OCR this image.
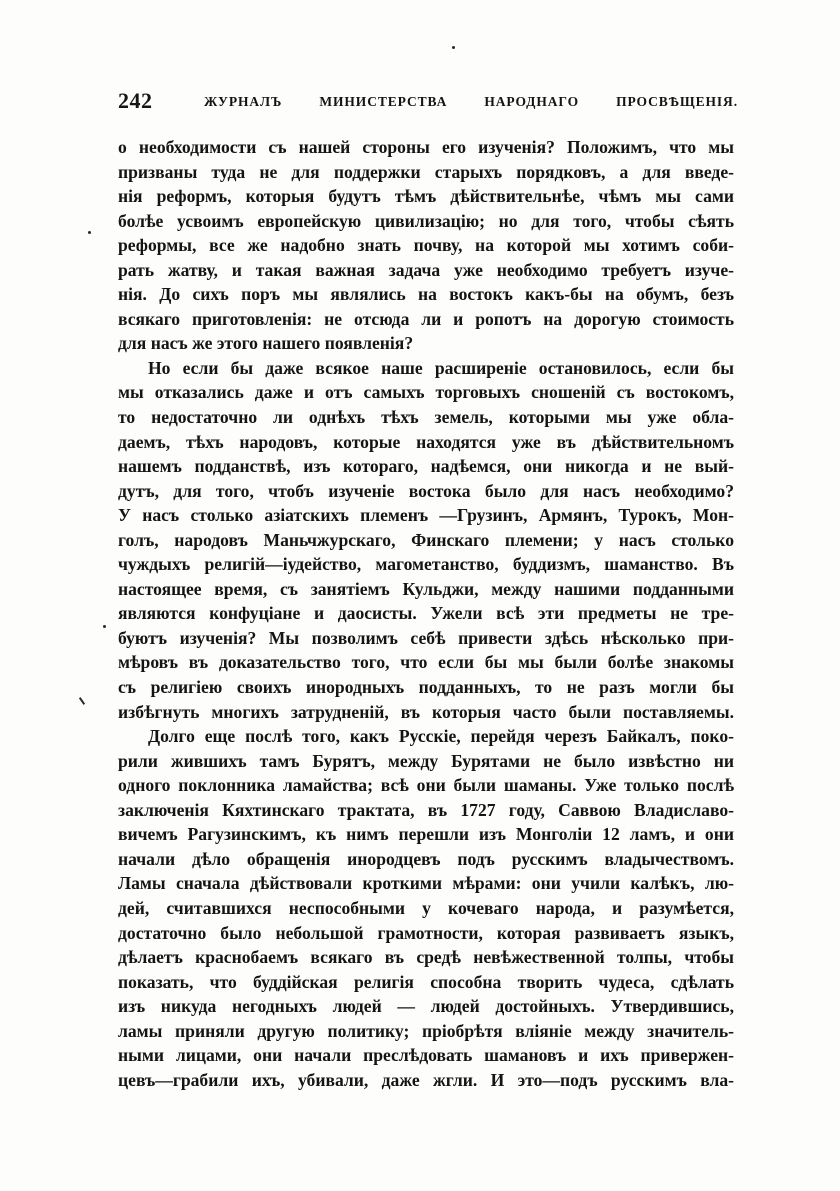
242	ЖУРНАЛЪ МИНИСТЕРСТВА НАРОДНАГО ПРОСВѢЩЕНІЯ.
о необходимости съ нашей стороны его изученія? Положимъ, что мы
призваны туда не для поддержки старыхъ порядковъ, а для введе-
нія реформъ, которыя будутъ тѣмъ дѣйствительнѣе, чѣмъ мы сами
болѣе усвоимъ европейскую цивилизацію; но для того, чтобы сѣять
реформы, все же надобно знать почву, на которой мы хотимъ соби-
рать жатву, и такая важная задача уже необходимо требуетъ изуче-
нія. До сихъ поръ мы являлись на востокъ какъ-бы на обумъ, безъ
всякаго приготовленія: не отсюда ли и ропотъ на дорогую стоимость
для насъ же этого нашего появленія?
Но если бы даже всякое наше расширеніе остановилось, если бы
мы отказались даже и отъ самыхъ торговыхъ сношеній съ востокомъ,
то недостаточно ли однѣхъ тѣхъ земель, которыми мы уже обла-
даемъ, тѣхъ народовъ, которые находятся уже въ дѣйствительномъ
нашемъ подданствѣ, изъ котораго, надѣемся, они никогда и не вый-
дутъ, для того, чтобъ изученіе востока было для насъ необходимо?
У насъ столько азіатскихъ племенъ —Грузинъ, Армянъ, Турокъ, Мон-
голъ, народовъ Маньчжурскаго, Финскаго племени; у насъ столько
чуждыхъ религій—іудейство, магометанство, буддизмъ, шаманство. Въ
настоящее время, съ занятіемъ Кульджи, между нашими подданными
являются конфуціане и даосисты. Ужели всѣ эти предметы не тре-
буютъ изученія? Мы позволимъ себѣ привести здѣсь нѣсколько при-
мѣровъ въ доказательство того, что если бы мы были болѣе знакомы
съ религіею своихъ инородныхъ подданныхъ, то не разъ могли бы
избѣгнуть многихъ затрудненій, въ которыя часто были поставляемы.
Долго еще послѣ того, какъ Русскіе, перейдя черезъ Байкалъ, поко-
рили жившихъ тамъ Бурятъ, между Бурятами не было извѣстно ни
одного поклонника ламайства; всѣ они были шаманы. Уже только послѣ
заключенія Кяхтинскаго трактата, въ 1727 году, Саввою Владиславо-
вичемъ Рагузинскимъ, къ нимъ перешли изъ Монголіи 12 ламъ, и они
начали дѣло обращенія инородцевъ подъ русскимъ владычествомъ.
Ламы сначала дѣйствовали кроткими мѣрами: они учили калѣкъ, лю-
дей, считавшихся неспособными у кочеваго народа, и разумѣется,
достаточно было небольшой грамотности, которая развиваетъ языкъ,
дѣлаетъ краснобаемъ всякаго въ средѣ невѣжественной толпы, чтобы
показать, что буддійская религія способна творить чудеса, сдѣлать
изъ никуда негодныхъ людей — людей достойныхъ. Утвердившись,
ламы приняли другую политику; пріобрѣтя вліяніе между значитель-
ными лицами, они начали преслѣдовать шамановъ и ихъ привержен-
цевъ—грабили ихъ, убивали, даже жгли. И это—подъ русскимъ вла-
